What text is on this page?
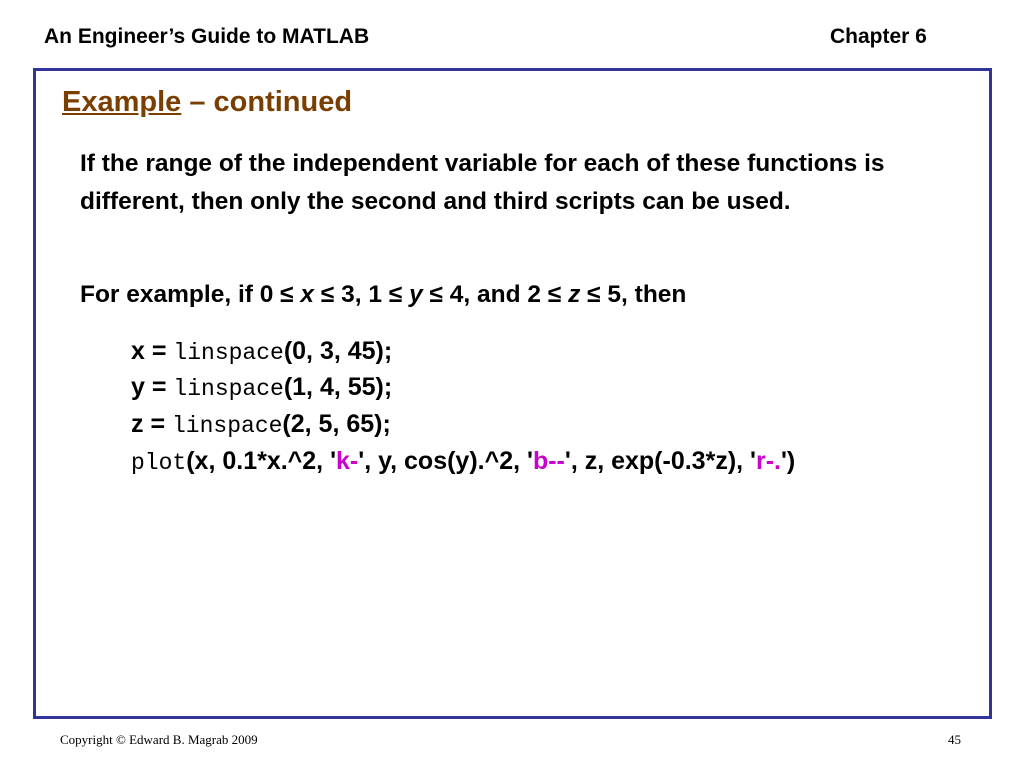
An Engineer’s Guide to MATLAB	Chapter 6
Example – continued
If the range of the independent variable for each of these functions is different, then only the second and third scripts can be used.
For example, if 0 ≤ x ≤ 3, 1 ≤ y ≤ 4, and 2 ≤ z ≤ 5, then
x = linspace(0, 3, 45);
y = linspace(1, 4, 55);
z = linspace(2, 5, 65);
plot(x, 0.1*x.^2, 'k-', y, cos(y).^2, 'b--', z, exp(-0.3*z), 'r-.')
Copyright © Edward B. Magrab 2009	45
